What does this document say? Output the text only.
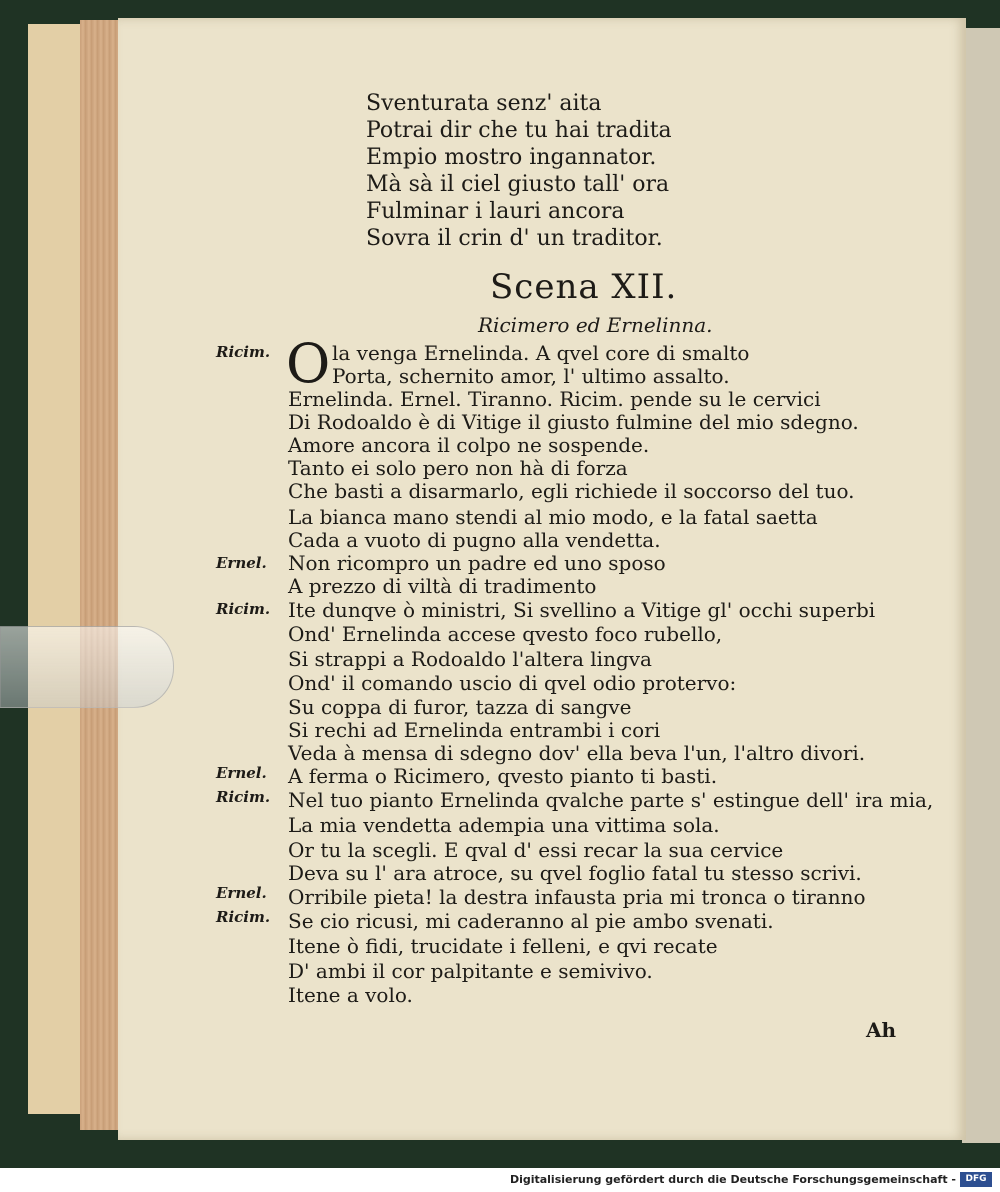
Sventurata senz' aita
Potrai dir che tu hai tradita
Empio mostro ingannator.
Mà sà il ciel giusto tall' ora
Fulminar i lauri ancora
Sovra il crin d' un traditor.
Scena XII.
Ricimero ed Ernelinna.
Ricim.
Ernel.
Ricim.
Ernel.
Ricim.
Ernel.
Ricim.
O la venga Ernelinda. A qvel core di smalto
Porta, schernito amor, l' ultimo assalto.
Ernelinda. Ernel. Tiranno. Ricim. pende su le cervici
Di Rodoaldo è di Vitige il giusto fulmine del mio sdegno.
Amore ancora il colpo ne sospende.
Tanto ei solo pero non hà di forza
Che basti a disarmarlo, egli richiede il soccorso del tuo.
La bianca mano stendi al mio modo, e la fatal saetta
Cada a vuoto di pugno alla vendetta.
Non ricompro un padre ed uno sposo
A prezzo di viltà di tradimento
Ite dunqve ò ministri, Si svellino a Vitige gl' occhi superbi
Ond' Ernelinda accese qvesto foco rubello,
Si strappi a Rodoaldo l'altera lingva
Ond' il comando uscio di qvel odio protervo:
Su coppa di furor, tazza di sangve
Si rechi ad Ernelinda entrambi i cori
Veda à mensa di sdegno dov' ella beva l'un, l'altro divori.
A ferma o Ricimero, qvesto pianto ti basti.
Nel tuo pianto Ernelinda qvalche parte s' estingue dell' ira mia,
La mia vendetta adempia una vittima sola.
Or tu la scegli. E qval d' essi recar la sua cervice
Deva su l' ara atroce, su qvel foglio fatal tu stesso scrivi.
Orribile pieta! la destra infausta pria mi tronca o tiranno
Se cio ricusi, mi caderanno al pie ambo svenati.
Itene ò fidi, trucidate i felleni, e qvi recate
D' ambi il cor palpitante e semivivo.
Itene a volo.
Ah
Digitalisierung gefördert durch die Deutsche Forschungsgemeinschaft -	DFG
